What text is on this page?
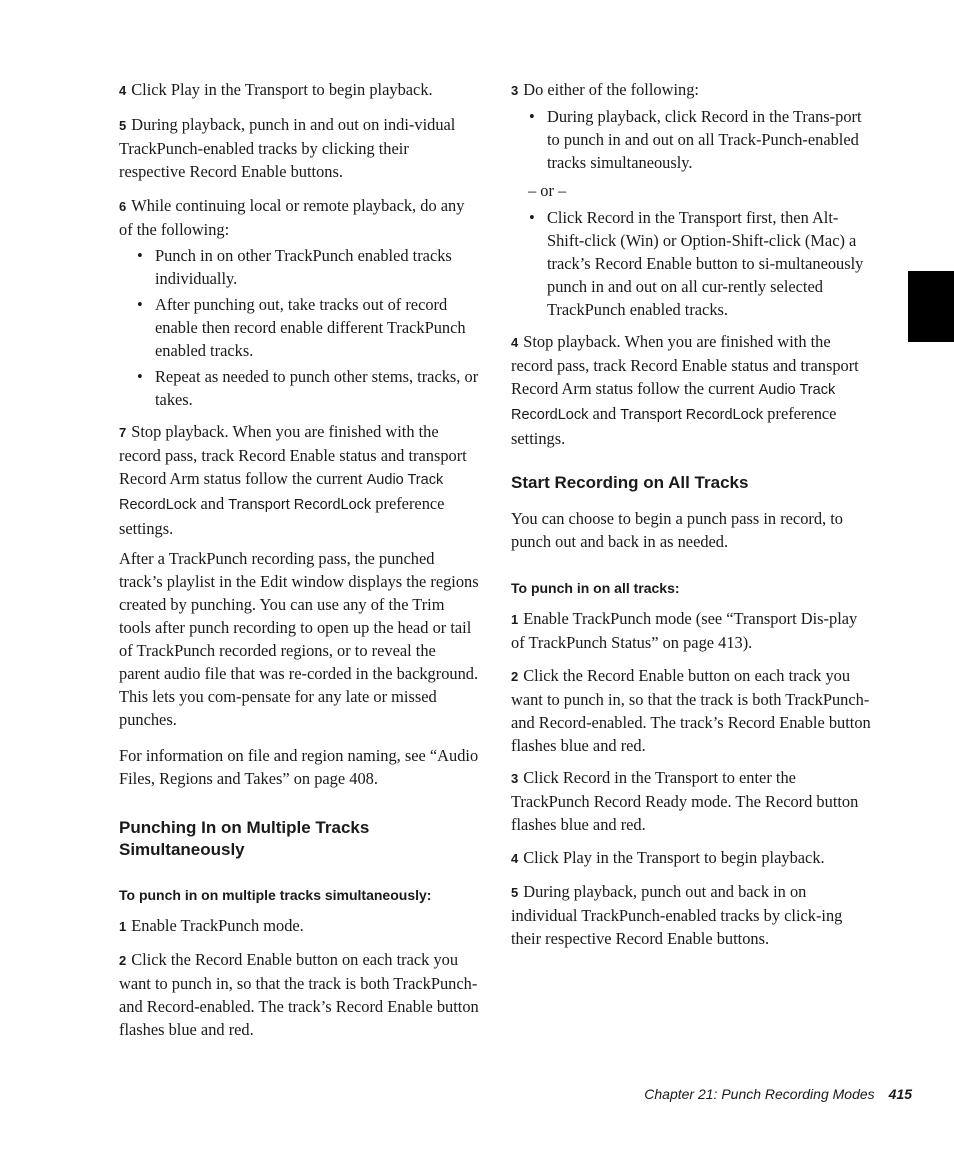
4 Click Play in the Transport to begin playback.

5 During playback, punch in and out on indi-vidual TrackPunch-enabled tracks by clicking their respective Record Enable buttons.

6 While continuing local or remote playback, do any of the following:

• Punch in on other TrackPunch enabled tracks individually.
• After punching out, take tracks out of record enable then record enable different TrackPunch enabled tracks.
• Repeat as needed to punch other stems, tracks, or takes.

7 Stop playback. When you are finished with the record pass, track Record Enable status and transport Record Arm status follow the current Audio Track RecordLock and Transport RecordLock preference settings.

After a TrackPunch recording pass, the punched track’s playlist in the Edit window displays the regions created by punching. You can use any of the Trim tools after punch recording to open up the head or tail of TrackPunch recorded regions, or to reveal the parent audio file that was re-corded in the background. This lets you com-pensate for any late or missed punches.

For information on file and region naming, see “Audio Files, Regions and Takes” on page 408.

Punching In on Multiple Tracks Simultaneously
To punch in on multiple tracks simultaneously:

1 Enable TrackPunch mode.

2 Click the Record Enable button on each track you want to punch in, so that the track is both TrackPunch- and Record-enabled. The track’s Record Enable button flashes blue and red.

3 Do either of the following:

• During playback, click Record in the Trans-port to punch in and out on all Track-Punch-enabled tracks simultaneously.

– or –

• Click Record in the Transport first, then Alt-Shift-click (Win) or Option-Shift-click (Mac) a track’s Record Enable button to si-multaneously punch in and out on all cur-rently selected TrackPunch enabled tracks.

4 Stop playback. When you are finished with the record pass, track Record Enable status and transport Record Arm status follow the current Audio Track RecordLock and Transport RecordLock preference settings.

Start Recording on All Tracks

You can choose to begin a punch pass in record, to punch out and back in as needed.

To punch in on all tracks:

1 Enable TrackPunch mode (see “Transport Dis-play of TrackPunch Status” on page 413).

2 Click the Record Enable button on each track you want to punch in, so that the track is both TrackPunch- and Record-enabled. The track’s Record Enable button flashes blue and red.

3 Click Record in the Transport to enter the TrackPunch Record Ready mode. The Record button flashes blue and red.

4 Click Play in the Transport to begin playback.

5 During playback, punch out and back in on individual TrackPunch-enabled tracks by click-ing their respective Record Enable buttons.

Chapter 21: Punch Recording Modes 415
